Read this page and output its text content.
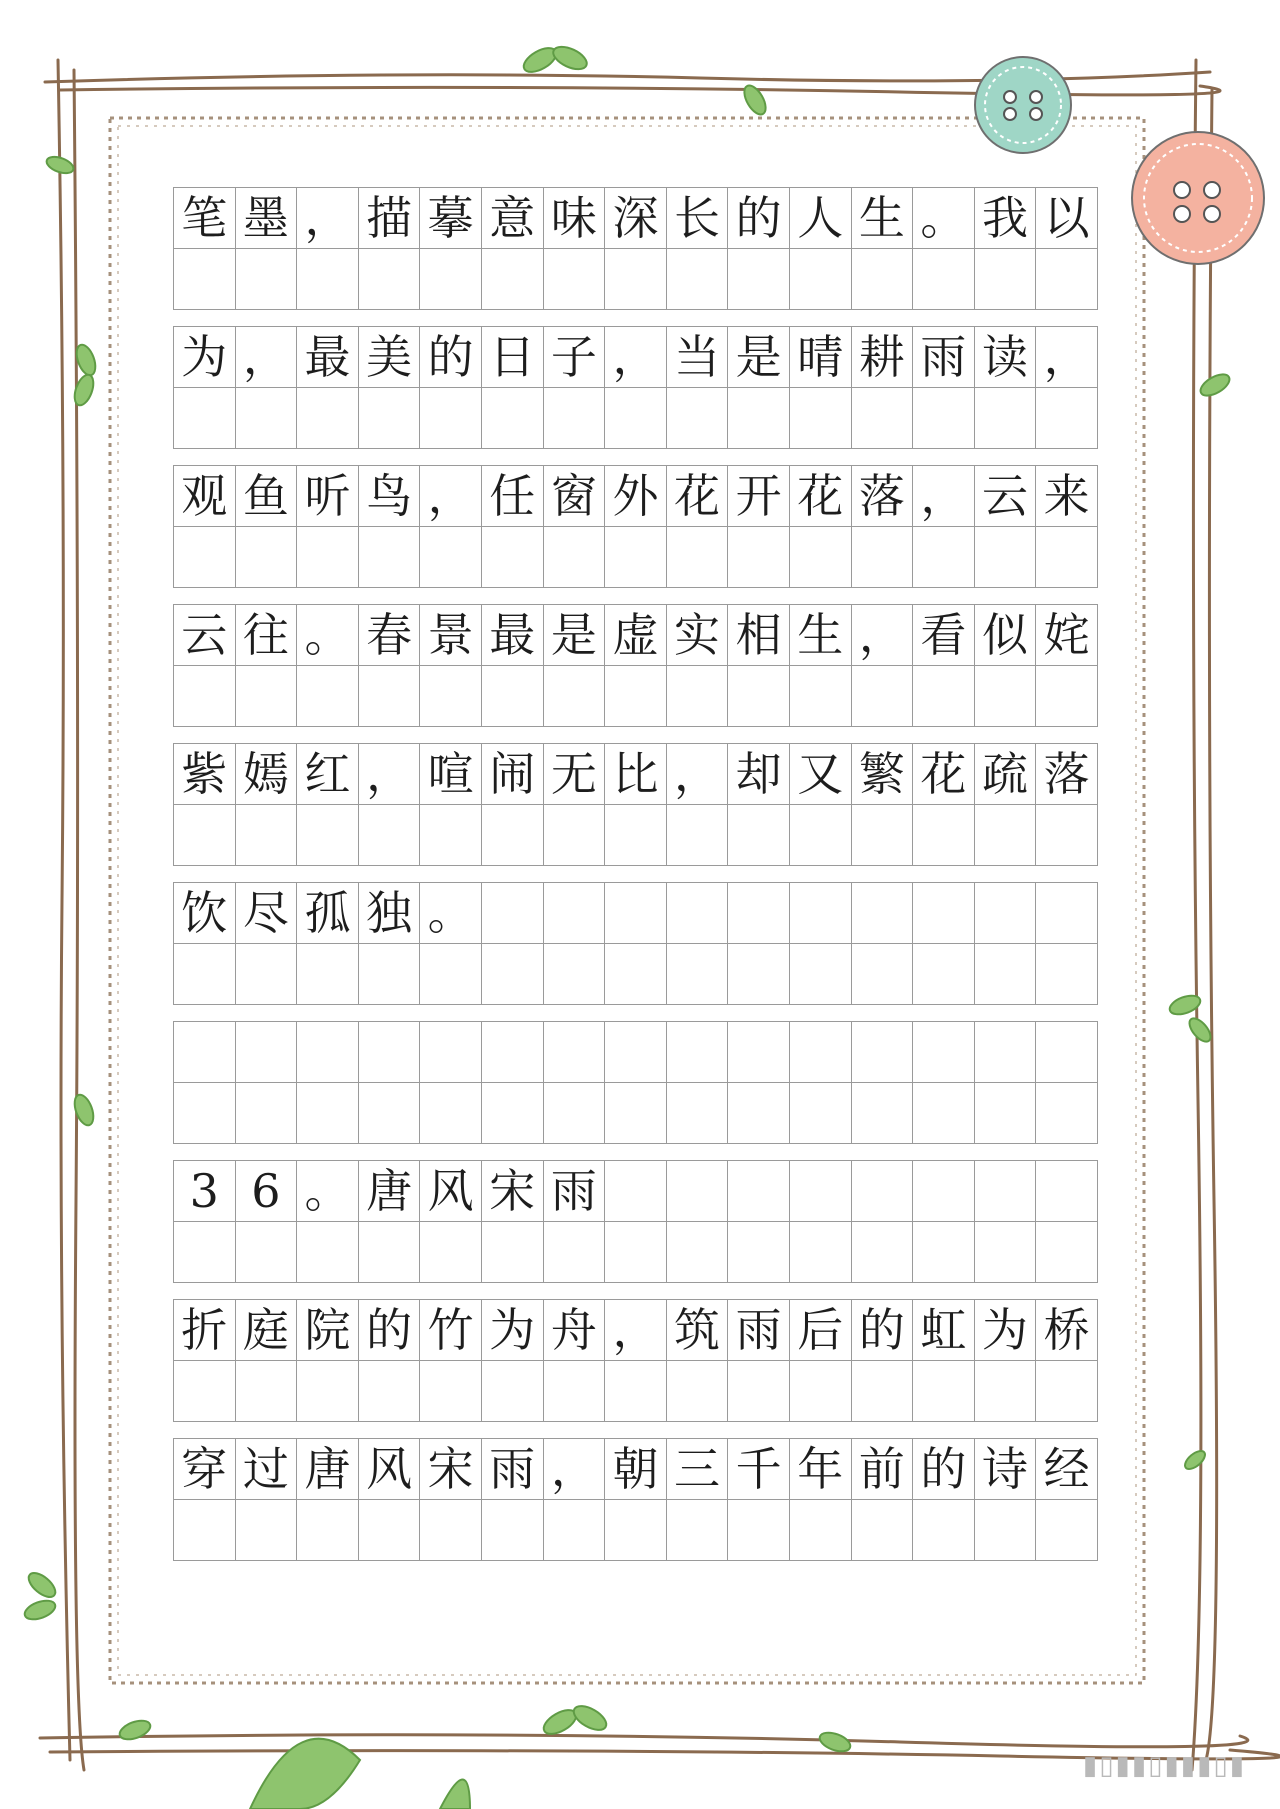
笔 墨 ， 描 摹 意 味 深 长 的 人 生 。 我 以
为 ， 最 美 的 日 子 ， 当 是 晴 耕 雨 读 ，
观 鱼 听 鸟 ， 任 窗 外 花 开 花 落 ， 云 来
云 往 。 春 景 最 是 虚 实 相 生 ， 看 似 姹
紫 嫣 红 ， 喧 闹 无 比 ， 却 又 繁 花 疏 落
饮 尽 孤 独 。
3 6 。 唐 风 宋 雨
折 庭 院 的 竹 为 舟 ， 筑 雨 后 的 虹 为 桥
穿 过 唐 风 宋 雨 ， 朝 三 千 年 前 的 诗 经
▮▯▮▮▯▮▮▮▯▮
